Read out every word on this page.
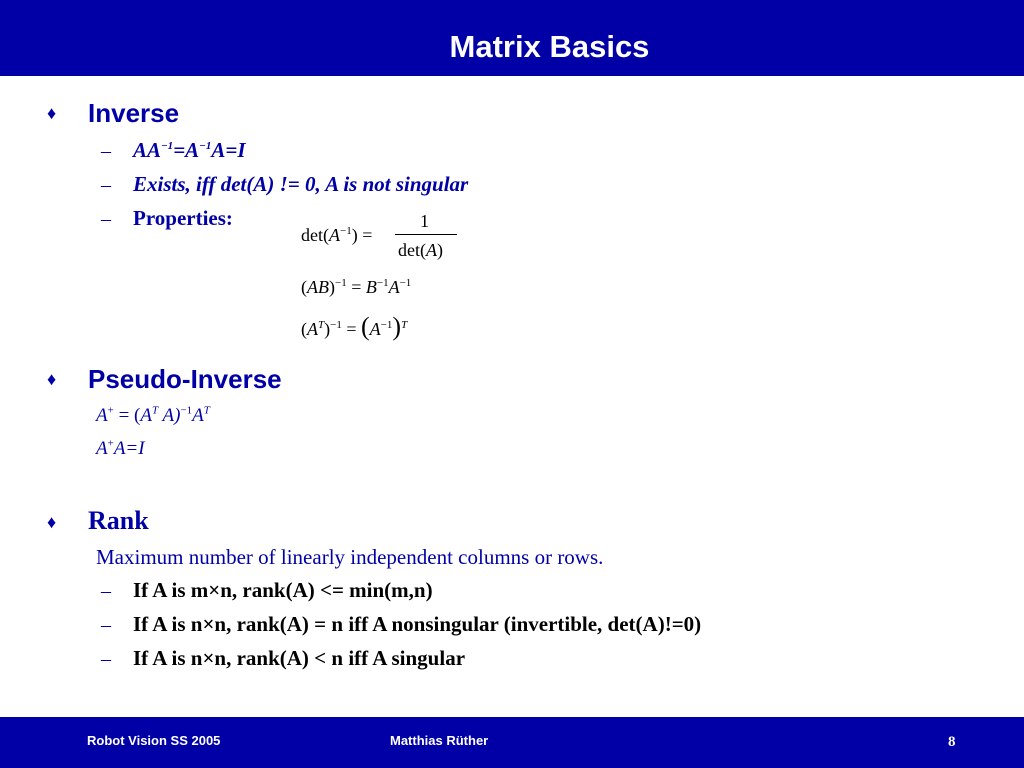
Matrix Basics
♦ Inverse
– $AA^{-1}=A^{-1}A=I$
– Exists, iff det(A) != 0, A is not singular
– Properties:
$\det(A^{-1})$ =
1
det(A)
$(AB)^{-1} = B^{-1}A^{-1}$
$(A^T)^{-1} = (A^{-1})^T$
♦ Pseudo-Inverse
$A^+ = (A^T$ $A)^{-1}A^T$
A+A=I
♦ Rank
Maximum number of linearly independent columns or rows.
– If A is m×n, rank(A) <= min(m,n)
– If A is n×n, rank(A) = n iff A nonsingular (invertible, det(A)!=0)
– If A is n×n, rank(A) < n iff A singular
Robot Vision SS 2005	Matthias Rüther	8
